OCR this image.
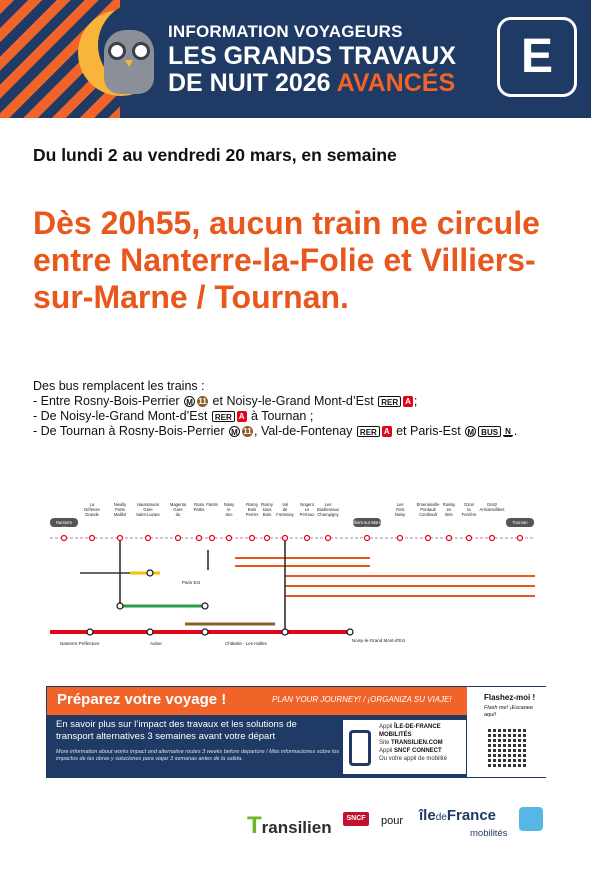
INFORMATION VOYAGEURS
LES GRANDS TRAVAUX
DE NUIT 2026 AVANCÉS	E
Du lundi 2 au vendredi 20 mars, en semaine
Dès 20h55, aucun train ne circule entre Nanterre-la-Folie et Villiers-sur-Marne / Tournan.
Des bus remplacent les trains :
- Entre Rosny-Bois-Perrier M 11 et Noisy-le-Grand Mont-d’Est RER A ;
- De Noisy-le-Grand Mont-d’Est RER A à Tournan ;
- De Tournan à Rosny-Bois-Perrier M 11 , Val-de-Fontenay RER A et Paris-Est M BUS N .
Nanterre La Folie
La Défense Grande
Neuilly Porte Maillot
Haussmann Gare Saint-Lazare
Magenta Gare du
Rosa Parks
Pantin Noisy le Sec
Rosny Bois Perrier
Rosny sous Bois
Val de Fontenay
Nogent Le Perreux
Les Boullereaux Champigny
Villiers-sur-Marne Le Plessis-Trévise
Les Yvris Noisy
Emerainville Pontault Combault
Roissy en Brie
Ozoir la Ferrière
Gretz Armainvilliers
Tournan
Nanterre Préfecture	Auber	Châtelet - Les Halles
Noisy-le-Grand Mont-d'Est
Paris Est
Préparez votre voyage !	PLAN YOUR JOURNEY! / ¡ORGANIZA SU VIAJE!
En savoir plus sur l’impact des travaux et les solutions de transport alternatives 3 semaines avant votre départ
More information about works impact and alternative routes 3 weeks before departure / Más informaciones sobre los impactos de las obras y soluciones para viajar 3 semanas antes de la salida.
Appli ÎLE-DE-FRANCE MOBILITÉS
Site TRANSILIEN.COM
Appli SNCF CONNECT
Ou votre appli de mobilité
Flashez-moi !
Flash me! ¡Escanee aquí!
Transilien	SNCF	pour îledeFrance
mobilités
